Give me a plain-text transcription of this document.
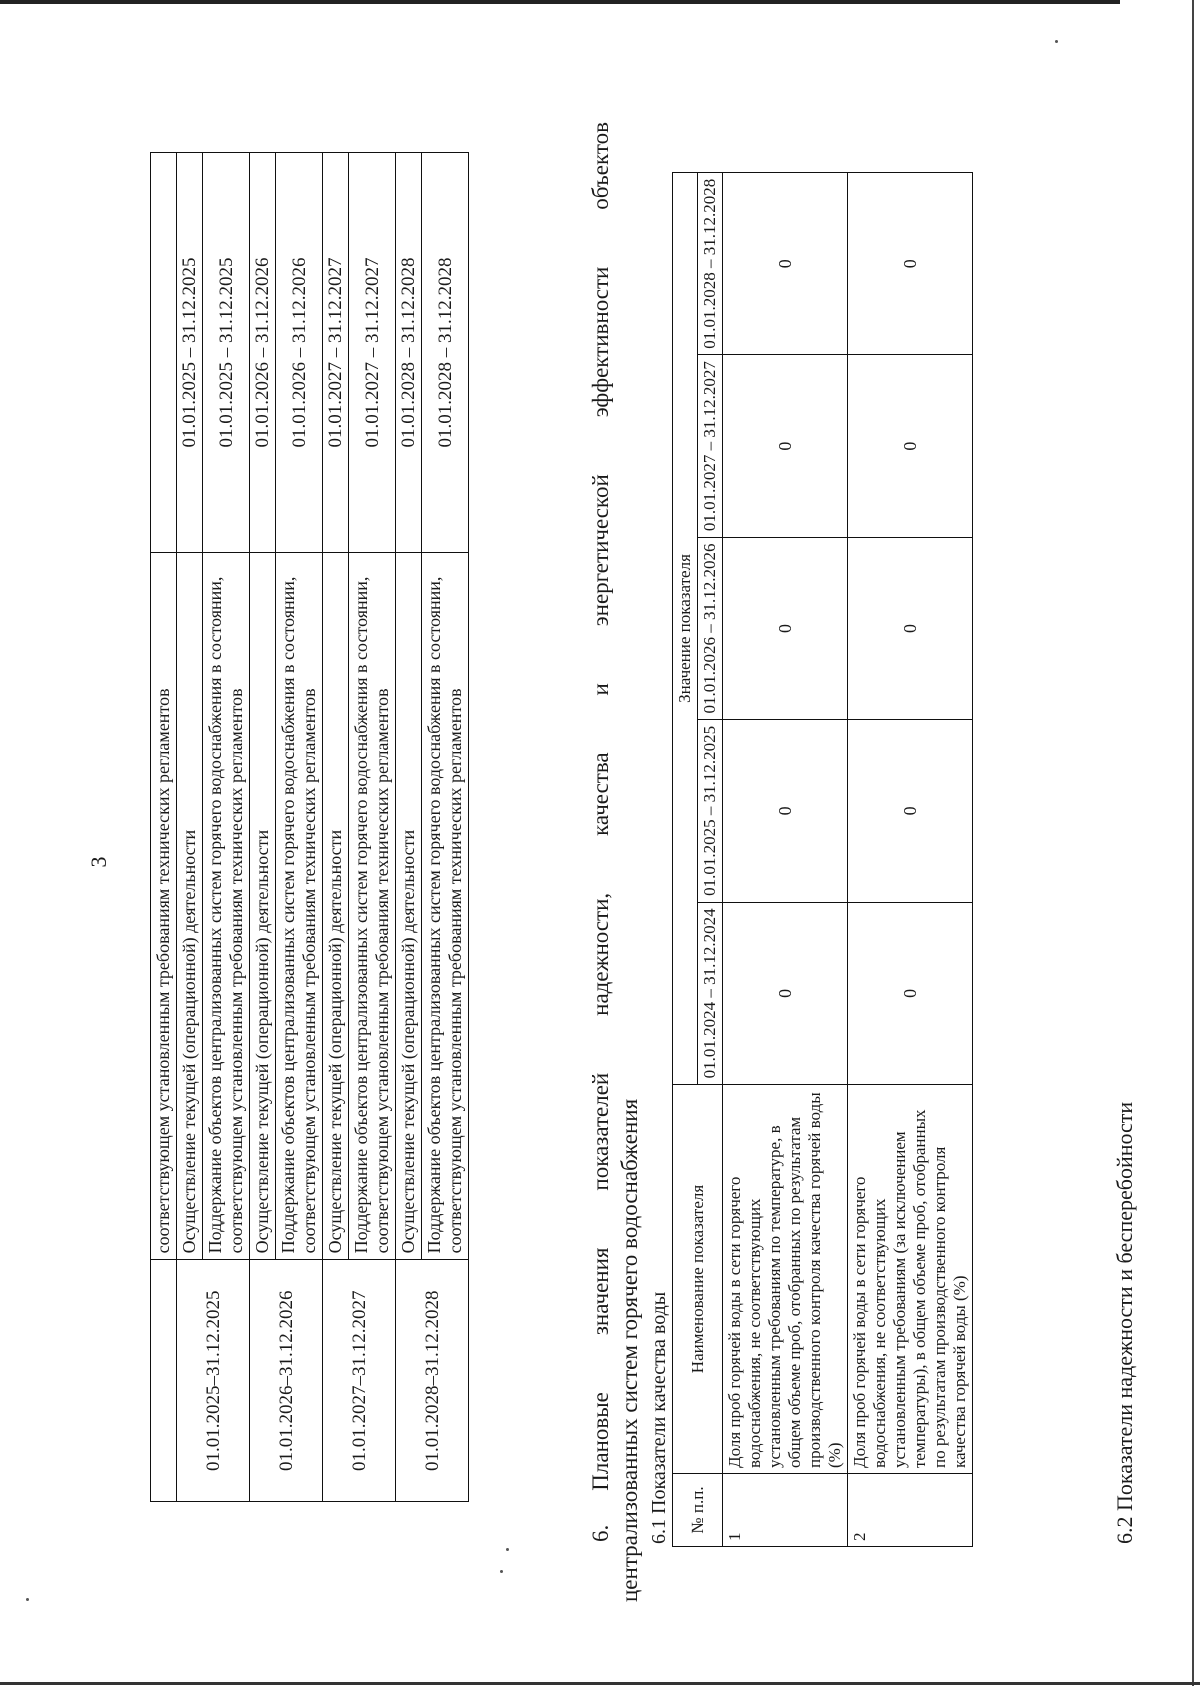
3
	соответствующем установленным требованиям технических регламентов	
01.01.2025–31.12.2025	Осуществление текущей (операционной) деятельности	01.01.2025 – 31.12.2025
	Поддержание объектов централизованных систем горячего водоснабжения в состоянии, соответствующем установленным требованиям технических регламентов	01.01.2025 – 31.12.2025
01.01.2026–31.12.2026	Осуществление текущей (операционной) деятельности	01.01.2026 – 31.12.2026
	Поддержание объектов централизованных систем горячего водоснабжения в состоянии, соответствующем установленным требованиям технических регламентов	01.01.2026 – 31.12.2026
01.01.2027–31.12.2027	Осуществление текущей (операционной) деятельности	01.01.2027 – 31.12.2027
	Поддержание объектов централизованных систем горячего водоснабжения в состоянии, соответствующем установленным требованиям технических регламентов	01.01.2027 – 31.12.2027
01.01.2028–31.12.2028	Осуществление текущей (операционной) деятельности	01.01.2028 – 31.12.2028
	Поддержание объектов централизованных систем горячего водоснабжения в состоянии, соответствующем установленным требованиям технических регламентов	01.01.2028 – 31.12.2028
6.Плановые значения показателей надежности, качества и энергетической эффективности объектов централизованных систем горячего водоснабжения 6.1 Показатели качества воды № п.п.	Наименование показателя	Значение показателя				
		01.01.2024 – 31.12.2024	01.01.2025 – 31.12.2025	01.01.2026 – 31.12.2026	01.01.2027 – 31.12.2027	01.01.2028 – 31.12.2028
1	Доля проб горячей воды в сети горячего водоснабжения, не соответствующих установленным требованиям по температуре, в общем объеме проб, отобранных по результатам производственного контроля качества горячей воды (%)	0	0	0	0	0
2	Доля проб горячей воды в сети горячего водоснабжения, не соответствующих установленным требованиям (за исключением температуры), в общем объеме проб, отобранных по результатам производственного контроля качества горячей воды (%)	0	0	0	0	0
6.2 Показатели надежности и бесперебойности
